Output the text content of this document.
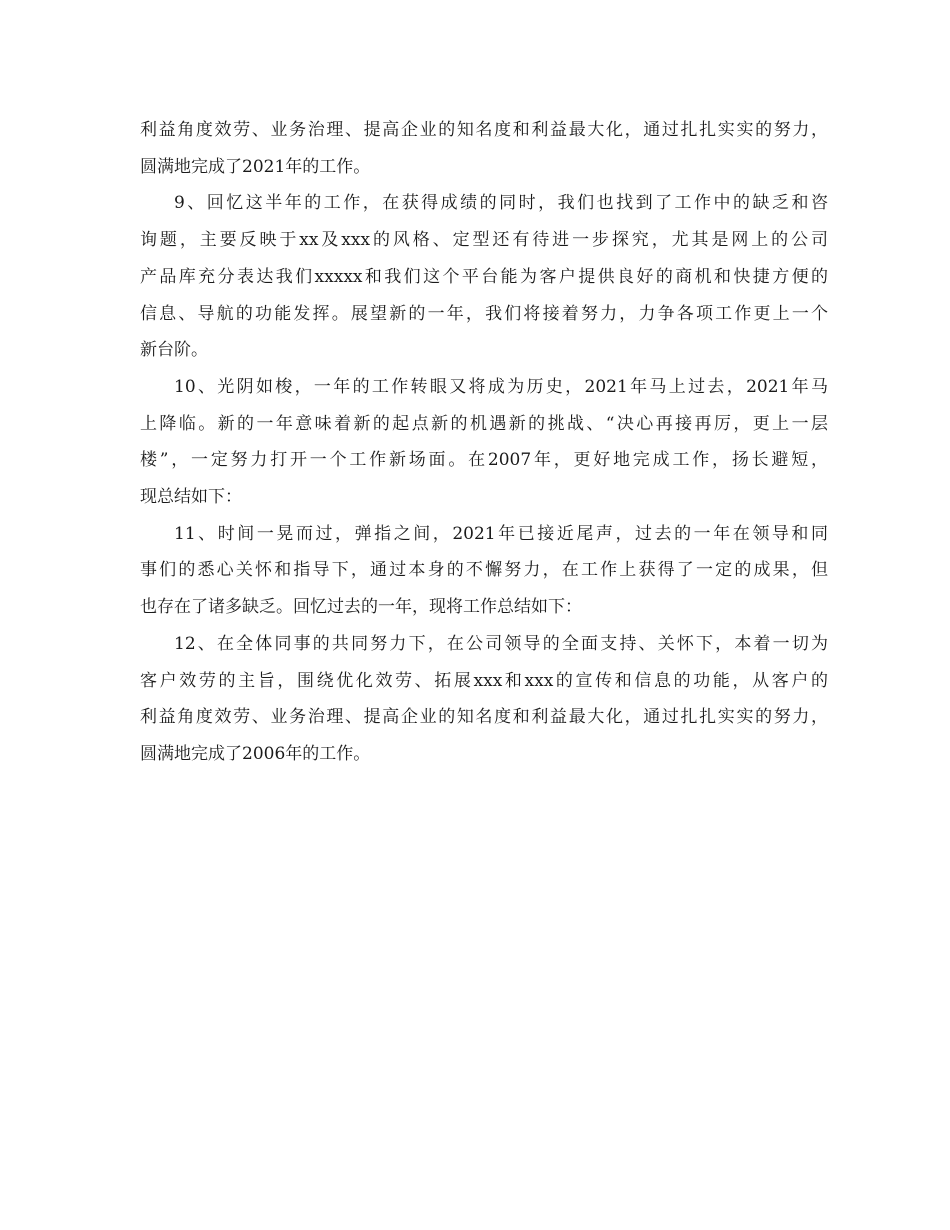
利益角度效劳、业务治理、提高企业的知名度和利益最大化，通过扎扎实实的努力，
圆满地完成了2021年的工作。
9、回忆这半年的工作，在获得成绩的同时，我们也找到了工作中的缺乏和咨
询题，主要反映于xx及xxx的风格、定型还有待进一步探究，尤其是网上的公司
产品库充分表达我们xxxxx和我们这个平台能为客户提供良好的商机和快捷方便的
信息、导航的功能发挥。展望新的一年，我们将接着努力，力争各项工作更上一个
新台阶。
10、光阴如梭，一年的工作转眼又将成为历史，2021年马上过去，2021年马
上降临。新的一年意味着新的起点新的机遇新的挑战、“决心再接再厉，更上一层
楼”，一定努力打开一个工作新场面。在2007年，更好地完成工作，扬长避短，
现总结如下：
11、时间一晃而过，弹指之间，2021年已接近尾声，过去的一年在领导和同
事们的悉心关怀和指导下，通过本身的不懈努力，在工作上获得了一定的成果，但
也存在了诸多缺乏。回忆过去的一年，现将工作总结如下：
12、在全体同事的共同努力下，在公司领导的全面支持、关怀下，本着一切为
客户效劳的主旨，围绕优化效劳、拓展xxx和xxx的宣传和信息的功能，从客户的
利益角度效劳、业务治理、提高企业的知名度和利益最大化，通过扎扎实实的努力，
圆满地完成了2006年的工作。
